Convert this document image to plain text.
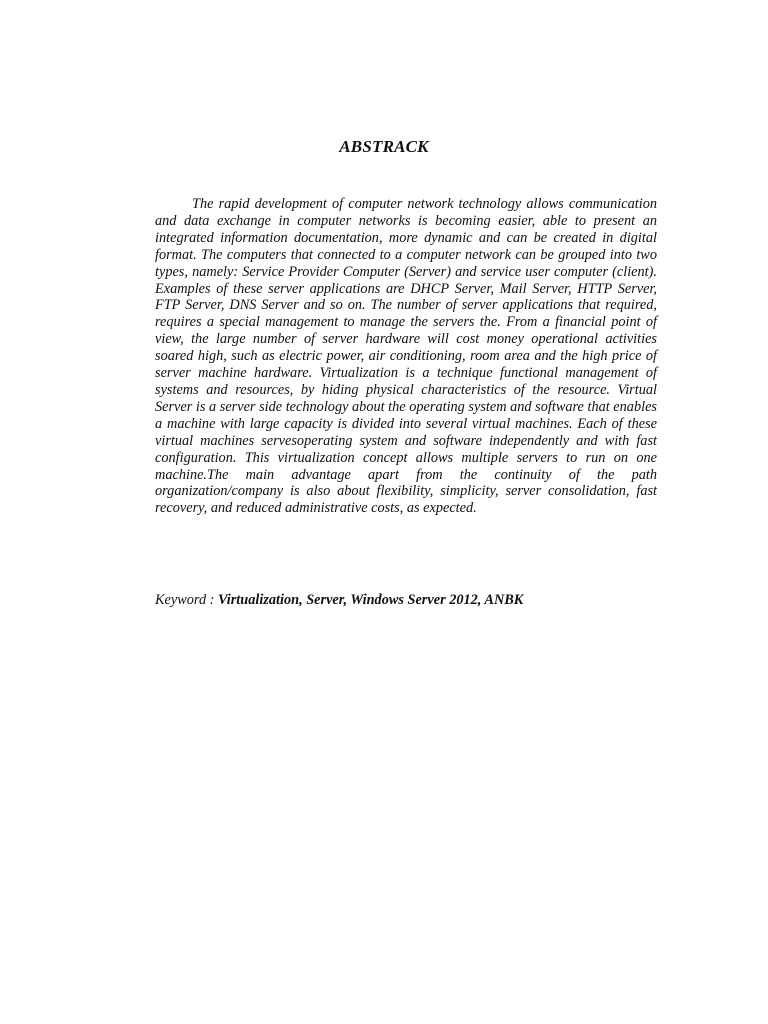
ABSTRACK

The rapid development of computer network technology allows communication and data exchange in computer networks is becoming easier, able to present an integrated information documentation, more dynamic and can be created in digital format. The computers that connected to a computer network can be grouped into two types, namely: Service Provider Computer (Server) and service user computer (client). Examples of these server applications are DHCP Server, Mail Server, HTTP Server, FTP Server, DNS Server and so on. The number of server applications that required, requires a special management to manage the servers the. From a financial point of view, the large number of server hardware will cost money operational activities soared high, such as electric power, air conditioning, room area and the high price of server machine hardware. Virtualization is a technique functional management of systems and resources, by hiding physical characteristics of the resource. Virtual Server is a server side technology about the operating system and software that enables a machine with large capacity is divided into several virtual machines. Each of these virtual machines servesoperating system and software independently and with fast configuration. This virtualization concept allows multiple servers to run on one machine.The main advantage apart from the continuity of the path organization/company is also about flexibility, simplicity, server consolidation, fast recovery, and reduced administrative costs, as expected.

Keyword : Virtualization, Server, Windows Server 2012, ANBK
